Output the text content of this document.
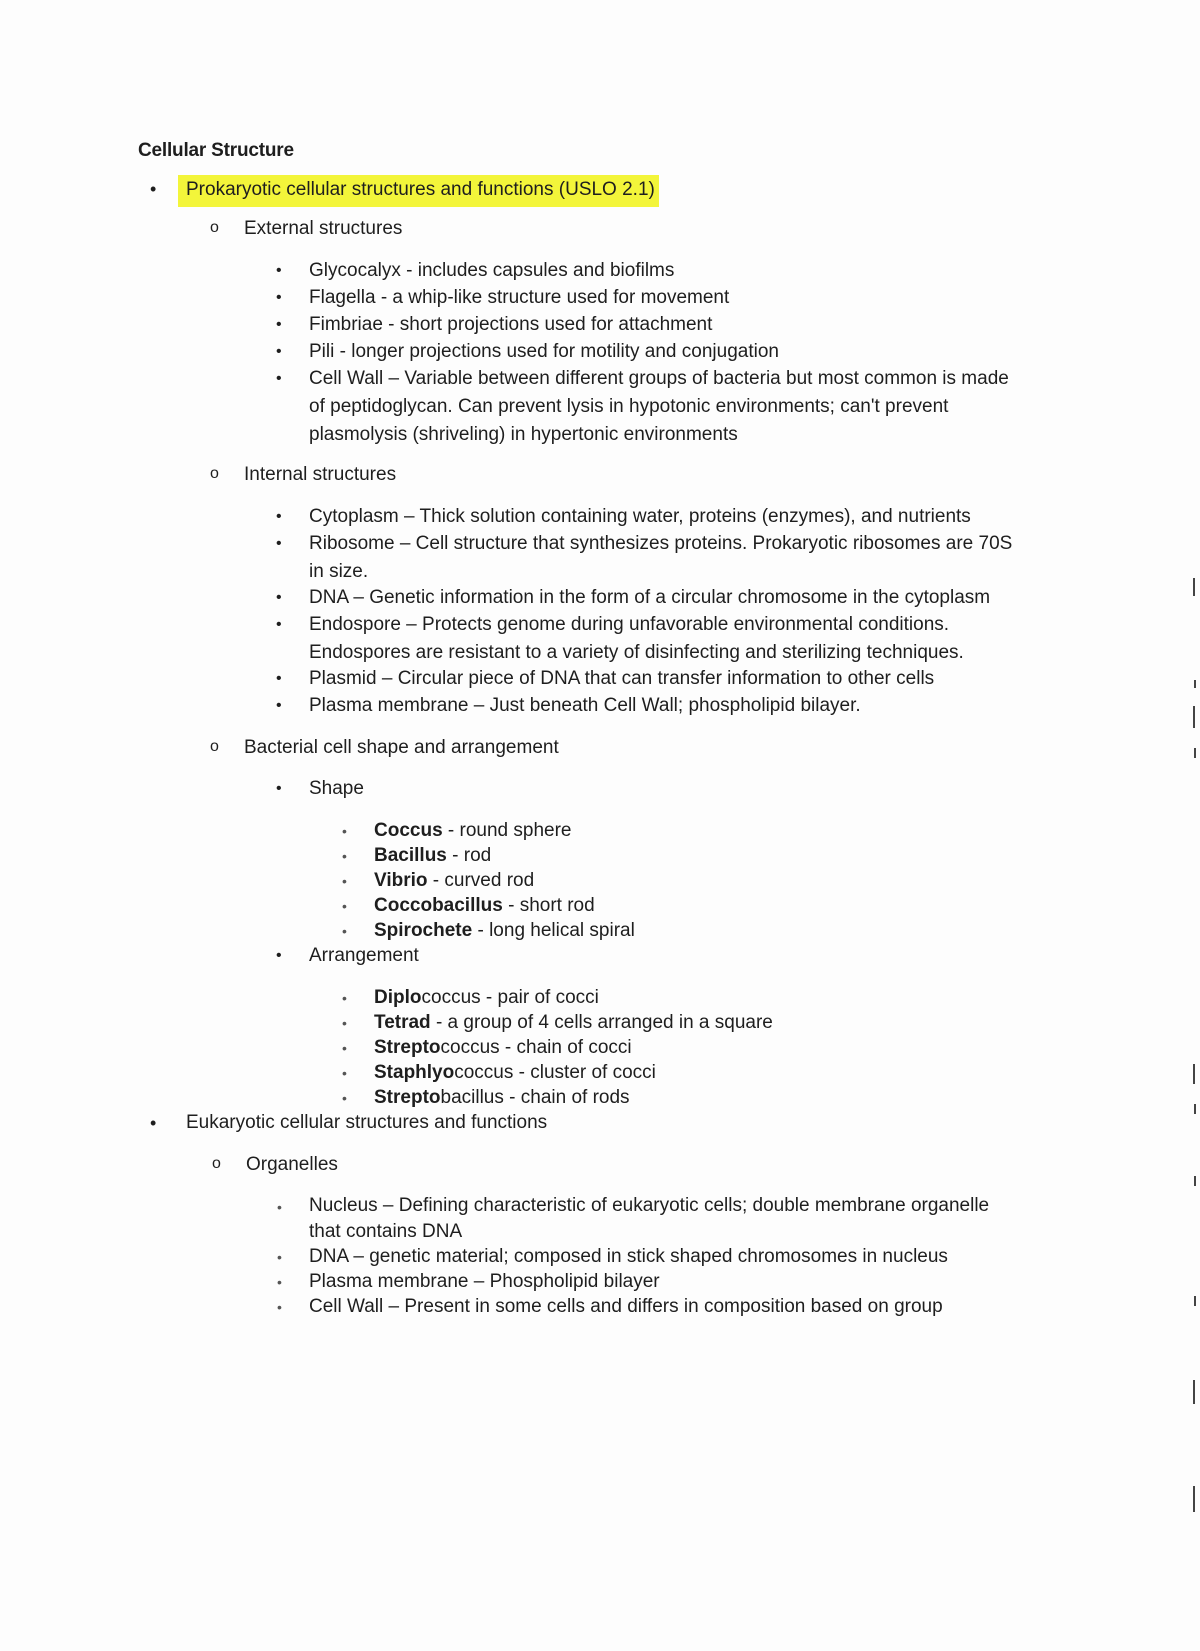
Cellular Structure
•	Prokaryotic cellular structures and functions (USLO 2.1)
o External structures
• Glycocalyx - includes capsules and biofilms
• Flagella - a whip-like structure used for movement
• Fimbriae - short projections used for attachment
• Pili - longer projections used for motility and conjugation
• Cell Wall – Variable between different groups of bacteria but most common is made of peptidoglycan. Can prevent lysis in hypotonic environments; can't prevent plasmolysis (shriveling) in hypertonic environments
o Internal structures
• Cytoplasm – Thick solution containing water, proteins (enzymes), and nutrients
• Ribosome – Cell structure that synthesizes proteins. Prokaryotic ribosomes are 70S in size.
• DNA – Genetic information in the form of a circular chromosome in the cytoplasm
• Endospore – Protects genome during unfavorable environmental conditions. Endospores are resistant to a variety of disinfecting and sterilizing techniques.
• Plasmid – Circular piece of DNA that can transfer information to other cells
• Plasma membrane – Just beneath Cell Wall; phospholipid bilayer.
o Bacterial cell shape and arrangement
• Shape
• Coccus - round sphere
• Bacillus - rod
• Vibrio - curved rod
• Coccobacillus - short rod
• Spirochete - long helical spiral
• Arrangement
• Diplococcus - pair of cocci
• Tetrad - a group of 4 cells arranged in a square
• Streptococcus - chain of cocci
• Staphlyococcus - cluster of cocci
• Streptobacillus - chain of rods
• Eukaryotic cellular structures and functions
o Organelles
• Nucleus – Defining characteristic of eukaryotic cells; double membrane organelle that contains DNA
• DNA – genetic material; composed in stick shaped chromosomes in nucleus
• Plasma membrane – Phospholipid bilayer
• Cell Wall – Present in some cells and differs in composition based on group
